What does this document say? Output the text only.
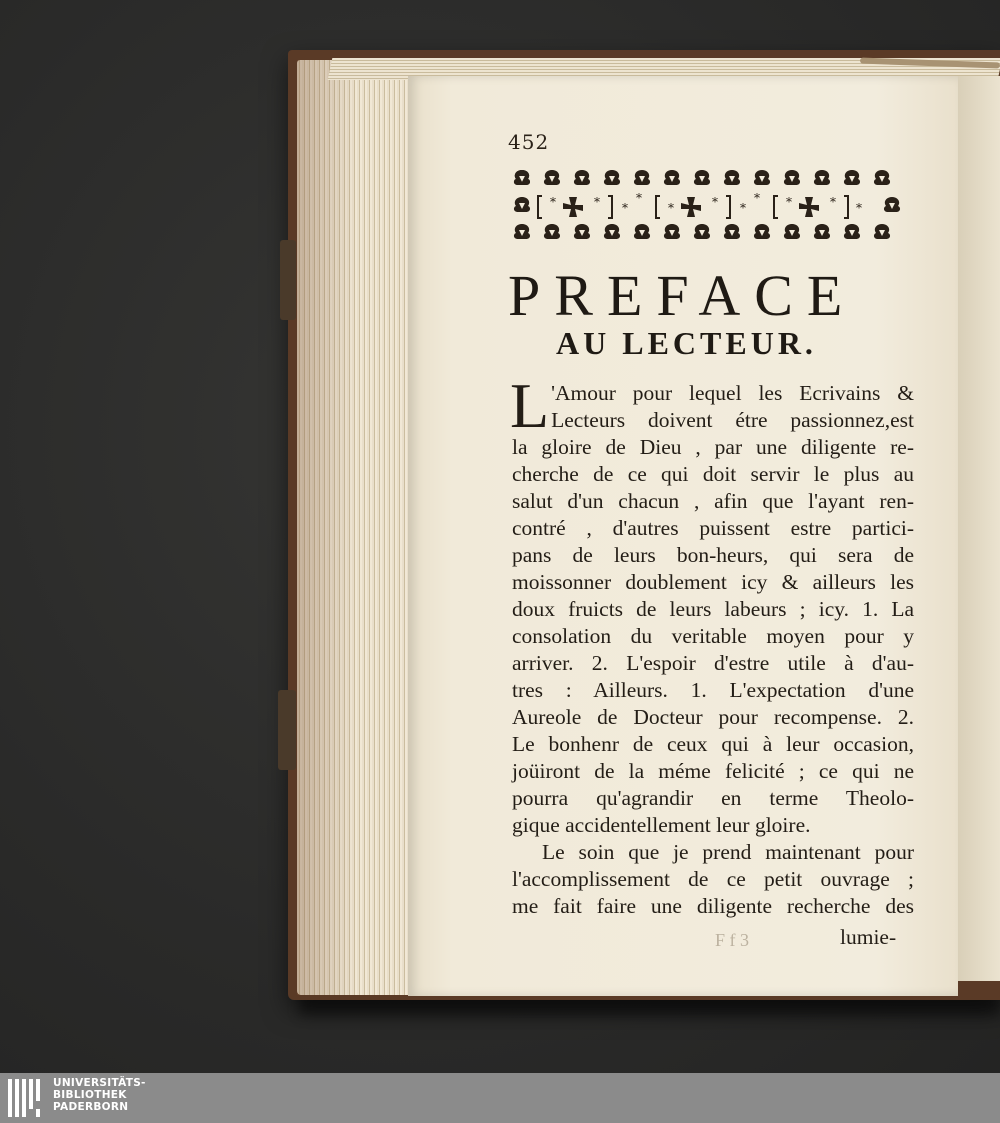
452
*	* *
*
*	* *
* *	* *
PREFACE
AU LECTEUR.
L 'Amour pour lequel les Ecrivains &
Lecteurs doivent étre passionnez,est
la gloire de Dieu , par une diligente re-
cherche de ce qui doit servir le plus au
salut d'un chacun , afin que l'ayant ren-
contré , d'autres puissent estre partici-
pans de leurs bon-heurs, qui sera de
moissonner doublement icy & ailleurs les
doux fruicts de leurs labeurs ; icy. 1. La
consolation du veritable moyen pour y
arriver. 2. L'espoir d'estre utile à d'au-
tres : Ailleurs. 1. L'expectation d'une
Aureole de Docteur pour recompense. 2.
Le bonhenr de ceux qui à leur occasion,
joüiront de la méme felicité ; ce qui ne
pourra qu'agrandir en terme Theolo-
gique accidentellement leur gloire.
Le soin que je prend maintenant pour
l'accomplissement de ce petit ouvrage ;
me fait faire une diligente recherche des
F f 3	lumie-
UNIVERSITÄTS-
BIBLIOTHEK
PADERBORN
